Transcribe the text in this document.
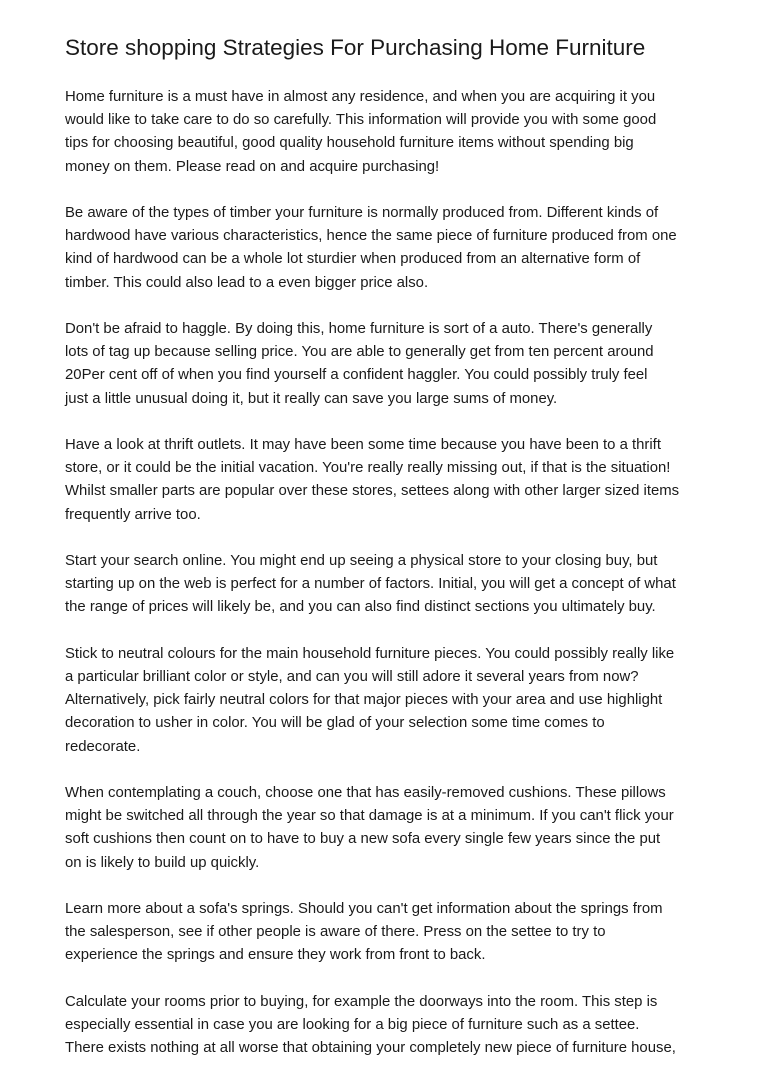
Store shopping Strategies For Purchasing Home Furniture

Home furniture is a must have in almost any residence, and when you are acquiring it you
would like to take care to do so carefully. This information will provide you with some good
tips for choosing beautiful, good quality household furniture items without spending big
money on them. Please read on and acquire purchasing!

Be aware of the types of timber your furniture is normally produced from. Different kinds of
hardwood have various characteristics, hence the same piece of furniture produced from one
kind of hardwood can be a whole lot sturdier when produced from an alternative form of
timber. This could also lead to a even bigger price also.

Don't be afraid to haggle. By doing this, home furniture is sort of a auto. There's generally
lots of tag up because selling price. You are able to generally get from ten percent around
20Per cent off of when you find yourself a confident haggler. You could possibly truly feel
just a little unusual doing it, but it really can save you large sums of money.

Have a look at thrift outlets. It may have been some time because you have been to a thrift
store, or it could be the initial vacation. You're really really missing out, if that is the situation!
Whilst smaller parts are popular over these stores, settees along with other larger sized items
frequently arrive too.

Start your search online. You might end up seeing a physical store to your closing buy, but
starting up on the web is perfect for a number of factors. Initial, you will get a concept of what
the range of prices will likely be, and you can also find distinct sections you ultimately buy.

Stick to neutral colours for the main household furniture pieces. You could possibly really like
a particular brilliant color or style, and can you will still adore it several years from now?
Alternatively, pick fairly neutral colors for that major pieces with your area and use highlight
decoration to usher in color. You will be glad of your selection some time comes to
redecorate.

When contemplating a couch, choose one that has easily-removed cushions. These pillows
might be switched all through the year so that damage is at a minimum. If you can't flick your
soft cushions then count on to have to buy a new sofa every single few years since the put
on is likely to build up quickly.

Learn more about a sofa's springs. Should you can't get information about the springs from
the salesperson, see if other people is aware of there. Press on the settee to try to
experience the springs and ensure they work from front to back.

Calculate your rooms prior to buying, for example the doorways into the room. This step is
especially essential in case you are looking for a big piece of furniture such as a settee.
There exists nothing at all worse that obtaining your completely new piece of furniture house,
